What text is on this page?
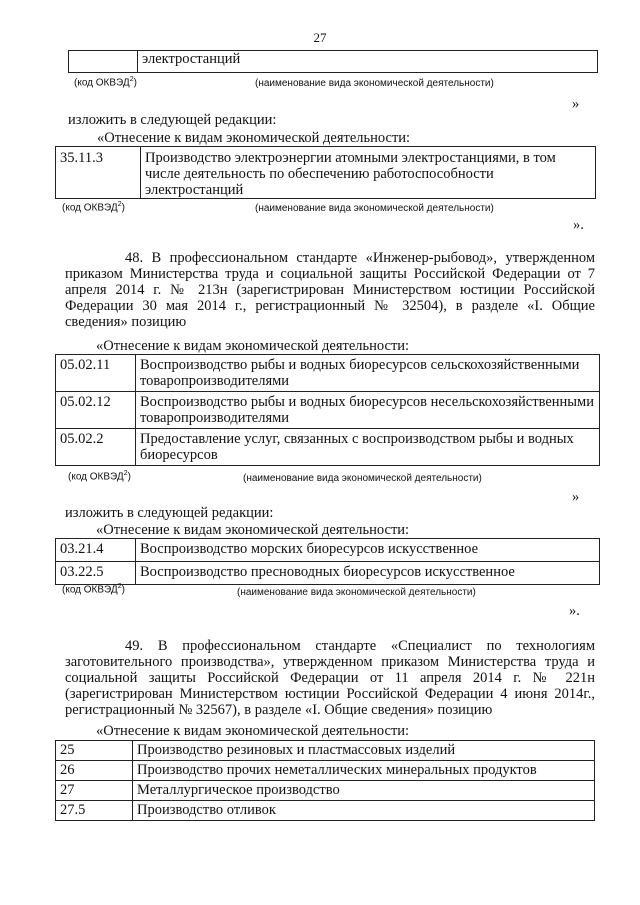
27
	электростанций
(код ОКВЭД$^2$)	(наименование вида экономической деятельности)
»
изложить в следующей редакции:
«Отнесение к видам экономической деятельности:
35.11.3	Производство электроэнергии атомными электростанциями, в том числе деятельность по обеспечению работоспособности электростанций
(код ОКВЭД$^2$)	(наименование вида экономической деятельности)
».
48. В профессиональном стандарте «Инженер-рыбовод», утвержденном приказом Министерства труда и социальной защиты Российской Федерации от 7 апреля 2014 г. № 213н (зарегистрирован Министерством юстиции Российской Федерации 30 мая 2014 г., регистрационный № 32504), в разделе «I. Общие сведения» позицию
«Отнесение к видам экономической деятельности:
05.02.11	Воспроизводство рыбы и водных биоресурсов сельскохозяйственными товаропроизводителями
05.02.12	Воспроизводство рыбы и водных биоресурсов несельскохозяйственными товаропроизводителями
05.02.2	Предоставление услуг, связанных с воспроизводством рыбы и водных биоресурсов
(код ОКВЭД$^2$)	(наименование вида экономической деятельности)
»
изложить в следующей редакции:
«Отнесение к видам экономической деятельности:
03.21.4	Воспроизводство морских биоресурсов искусственное
03.22.5	Воспроизводство пресноводных биоресурсов искусственное
(код ОКВЭД$^2$)	(наименование вида экономической деятельности)
».
49. В профессиональном стандарте «Специалист по технологиям заготовительного производства», утвержденном приказом Министерства труда и социальной защиты Российской Федерации от 11 апреля 2014 г. № 221н (зарегистрирован Министерством юстиции Российской Федерации 4 июня 2014г., регистрационный № 32567), в разделе «I. Общие сведения» позицию
«Отнесение к видам экономической деятельности:
25	Производство резиновых и пластмассовых изделий
26	Производство прочих неметаллических минеральных продуктов
27	Металлургическое производство
27.5	Производство отливок
